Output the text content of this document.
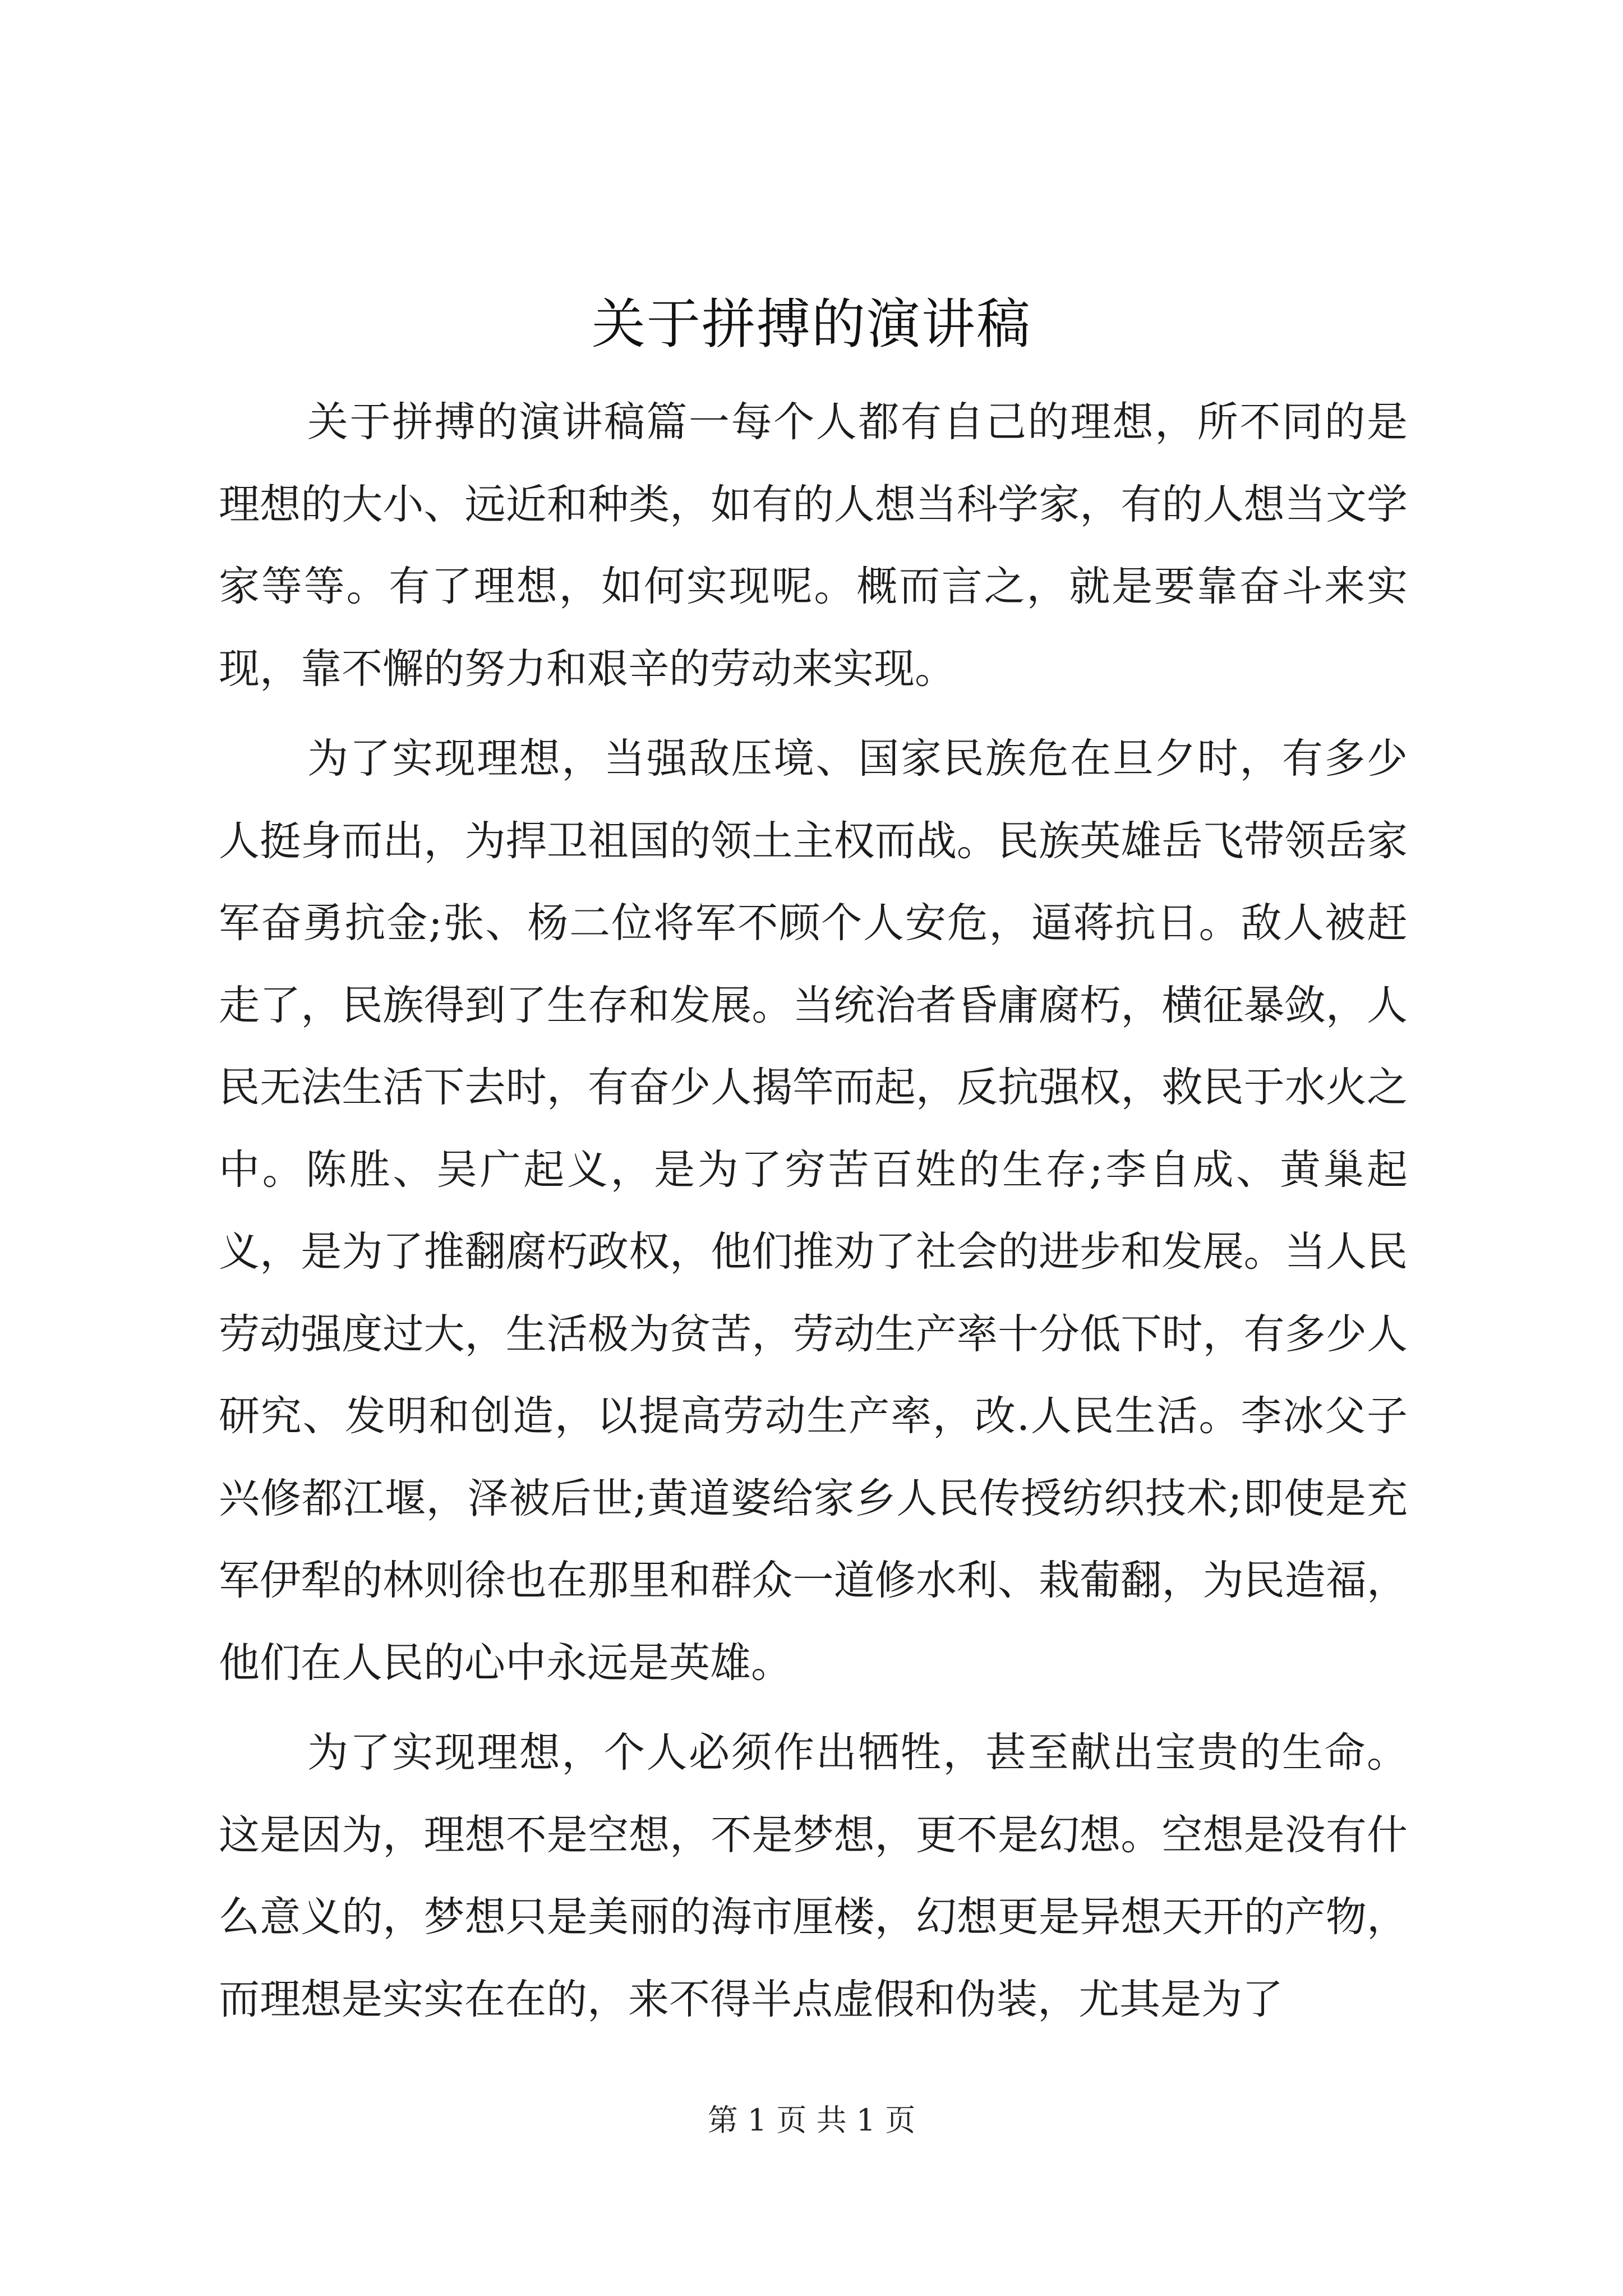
关于拼搏的演讲稿

关于拼搏的演讲稿篇一每个人都有自己的理想，所不同的是理想的大小、远近和种类，如有的人想当科学家，有的人想当文学家等等。有了理想，如何实现呢。概而言之，就是要靠奋斗来实现，靠不懈的努力和艰辛的劳动来实现。

为了实现理想，当强敌压境、国家民族危在旦夕时，有多少人挺身而出，为捍卫祖国的领土主权而战。民族英雄岳飞带领岳家军奋勇抗金;张、杨二位将军不顾个人安危，逼蒋抗日。敌人被赶走了，民族得到了生存和发展。当统治者昏庸腐朽，横征暴敛，人民无法生活下去时，有奋少人揭竿而起，反抗强权，救民于水火之中。陈胜、吴广起义，是为了穷苦百姓的生存;李自成、黄巢起义，是为了推翻腐朽政权，他们推劝了社会的进步和发展。当人民劳动强度过大，生活极为贫苦，劳动生产率十分低下时，有多少人研究、发明和创造，以提高劳动生产率，改.人民生活。李冰父子兴修都江堰，泽被后世;黄道婆给家乡人民传授纺织技术;即使是充军伊犁的林则徐也在那里和群众一道修水利、栽葡翻，为民造福，他们在人民的心中永远是英雄。

为了实现理想，个人必须作出牺牲，甚至献出宝贵的生命。这是因为，理想不是空想，不是梦想，更不是幻想。空想是没有什么意义的，梦想只是美丽的海市厘楼，幻想更是异想天开的产物，而理想是实实在在的，来不得半点虚假和伪装，尤其是为了

第 1 页 共 1 页
